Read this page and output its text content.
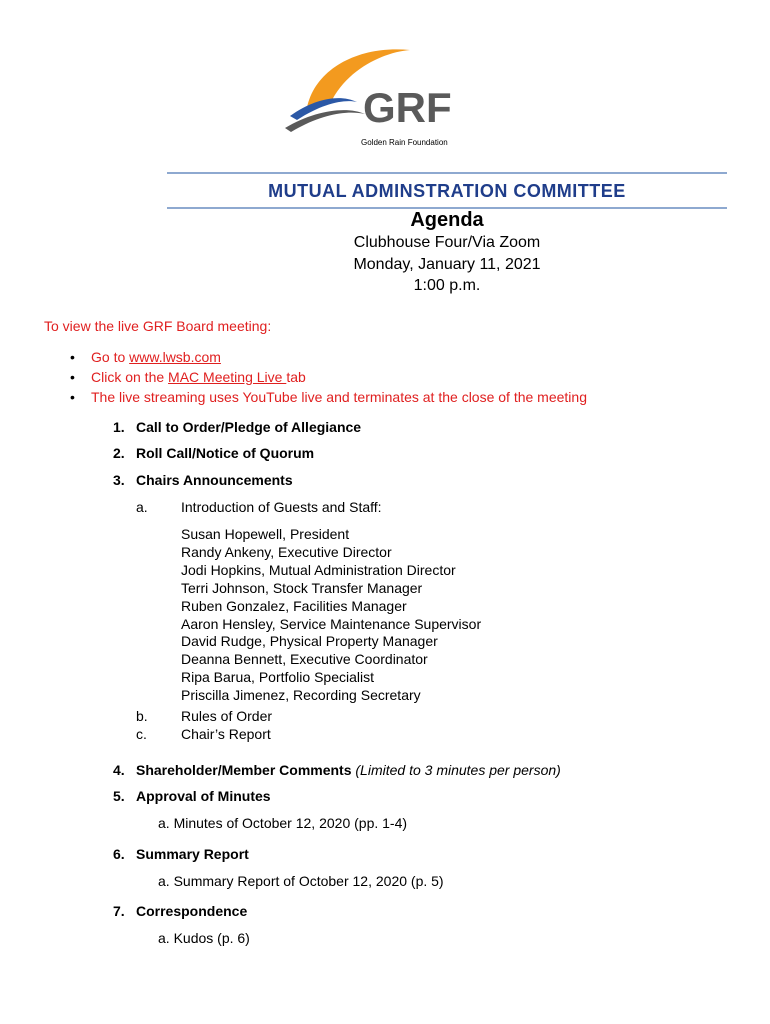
GRF
Golden Rain Foundation
MUTUAL ADMINSTRATION COMMITTEE
Agenda
Clubhouse Four/Via Zoom
Monday, January 11, 2021
1:00 p.m.
To view the live GRF Board meeting:
• Go to www.lwsb.com
• Click on the MAC Meeting Live tab
• The live streaming uses YouTube live and terminates at the close of the meeting
1. Call to Order/Pledge of Allegiance
2. Roll Call/Notice of Quorum
3. Chairs Announcements
a. Introduction of Guests and Staff:
Susan Hopewell, President
Randy Ankeny, Executive Director
Jodi Hopkins, Mutual Administration Director
Terri Johnson, Stock Transfer Manager
Ruben Gonzalez, Facilities Manager
Aaron Hensley, Service Maintenance Supervisor
David Rudge, Physical Property Manager
Deanna Bennett, Executive Coordinator
Ripa Barua, Portfolio Specialist
Priscilla Jimenez, Recording Secretary
b. Rules of Order
c. Chair’s Report
4. Shareholder/Member Comments (Limited to 3 minutes per person)
5. Approval of Minutes
a. Minutes of October 12, 2020 (pp. 1-4)
6. Summary Report
a. Summary Report of October 12, 2020 (p. 5)
7. Correspondence
a. Kudos (p. 6)
